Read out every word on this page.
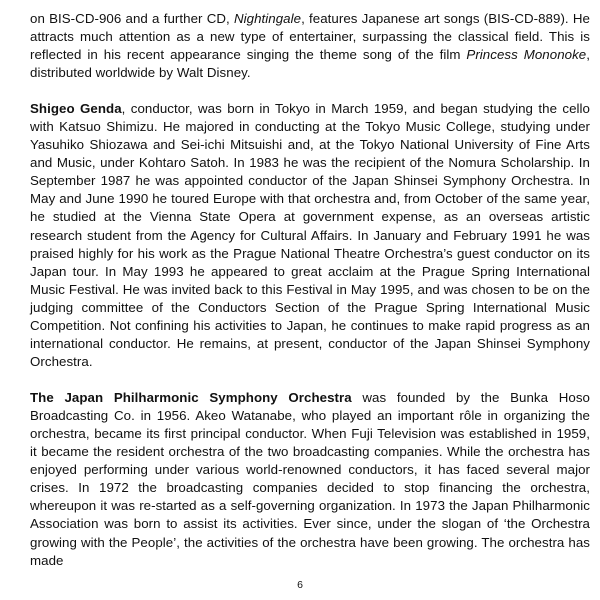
on BIS-CD-906 and a further CD, Nightingale, features Japanese art songs (BIS-CD-889). He attracts much attention as a new type of entertainer, surpassing the classical field. This is reflected in his recent appearance singing the theme song of the film Princess Mononoke, distributed worldwide by Walt Disney.

Shigeo Genda, conductor, was born in Tokyo in March 1959, and began studying the cello with Katsuo Shimizu. He majored in conducting at the Tokyo Music College, studying under Yasuhiko Shiozawa and Sei-ichi Mitsuishi and, at the Tokyo National University of Fine Arts and Music, under Kohtaro Satoh. In 1983 he was the recipient of the Nomura Scholarship. In September 1987 he was appointed conductor of the Japan Shinsei Symphony Orchestra. In May and June 1990 he toured Europe with that orchestra and, from October of the same year, he studied at the Vienna State Opera at government expense, as an overseas artistic research student from the Agency for Cultural Affairs. In January and February 1991 he was praised highly for his work as the Prague National Theatre Orchestra’s guest conductor on its Japan tour. In May 1993 he appeared to great acclaim at the Prague Spring International Music Festival. He was invited back to this Festival in May 1995, and was chosen to be on the judging committee of the Conductors Section of the Prague Spring International Music Competition. Not confining his activities to Japan, he continues to make rapid progress as an international conductor. He remains, at present, conductor of the Japan Shinsei Symphony Orchestra.

The Japan Philharmonic Symphony Orchestra was founded by the Bunka Hoso Broadcasting Co. in 1956. Akeo Watanabe, who played an important rôle in organizing the orchestra, became its first principal conductor. When Fuji Television was established in 1959, it became the resident orchestra of the two broadcasting companies. While the orchestra has enjoyed performing under various world-renowned conductors, it has faced several major crises. In 1972 the broadcasting companies decided to stop financing the orchestra, whereupon it was re-started as a self-governing organization. In 1973 the Japan Philharmonic Association was born to assist its activities. Ever since, under the slogan of ‘the Orchestra growing with the People’, the activities of the orchestra have been growing. The orchestra has made

6
